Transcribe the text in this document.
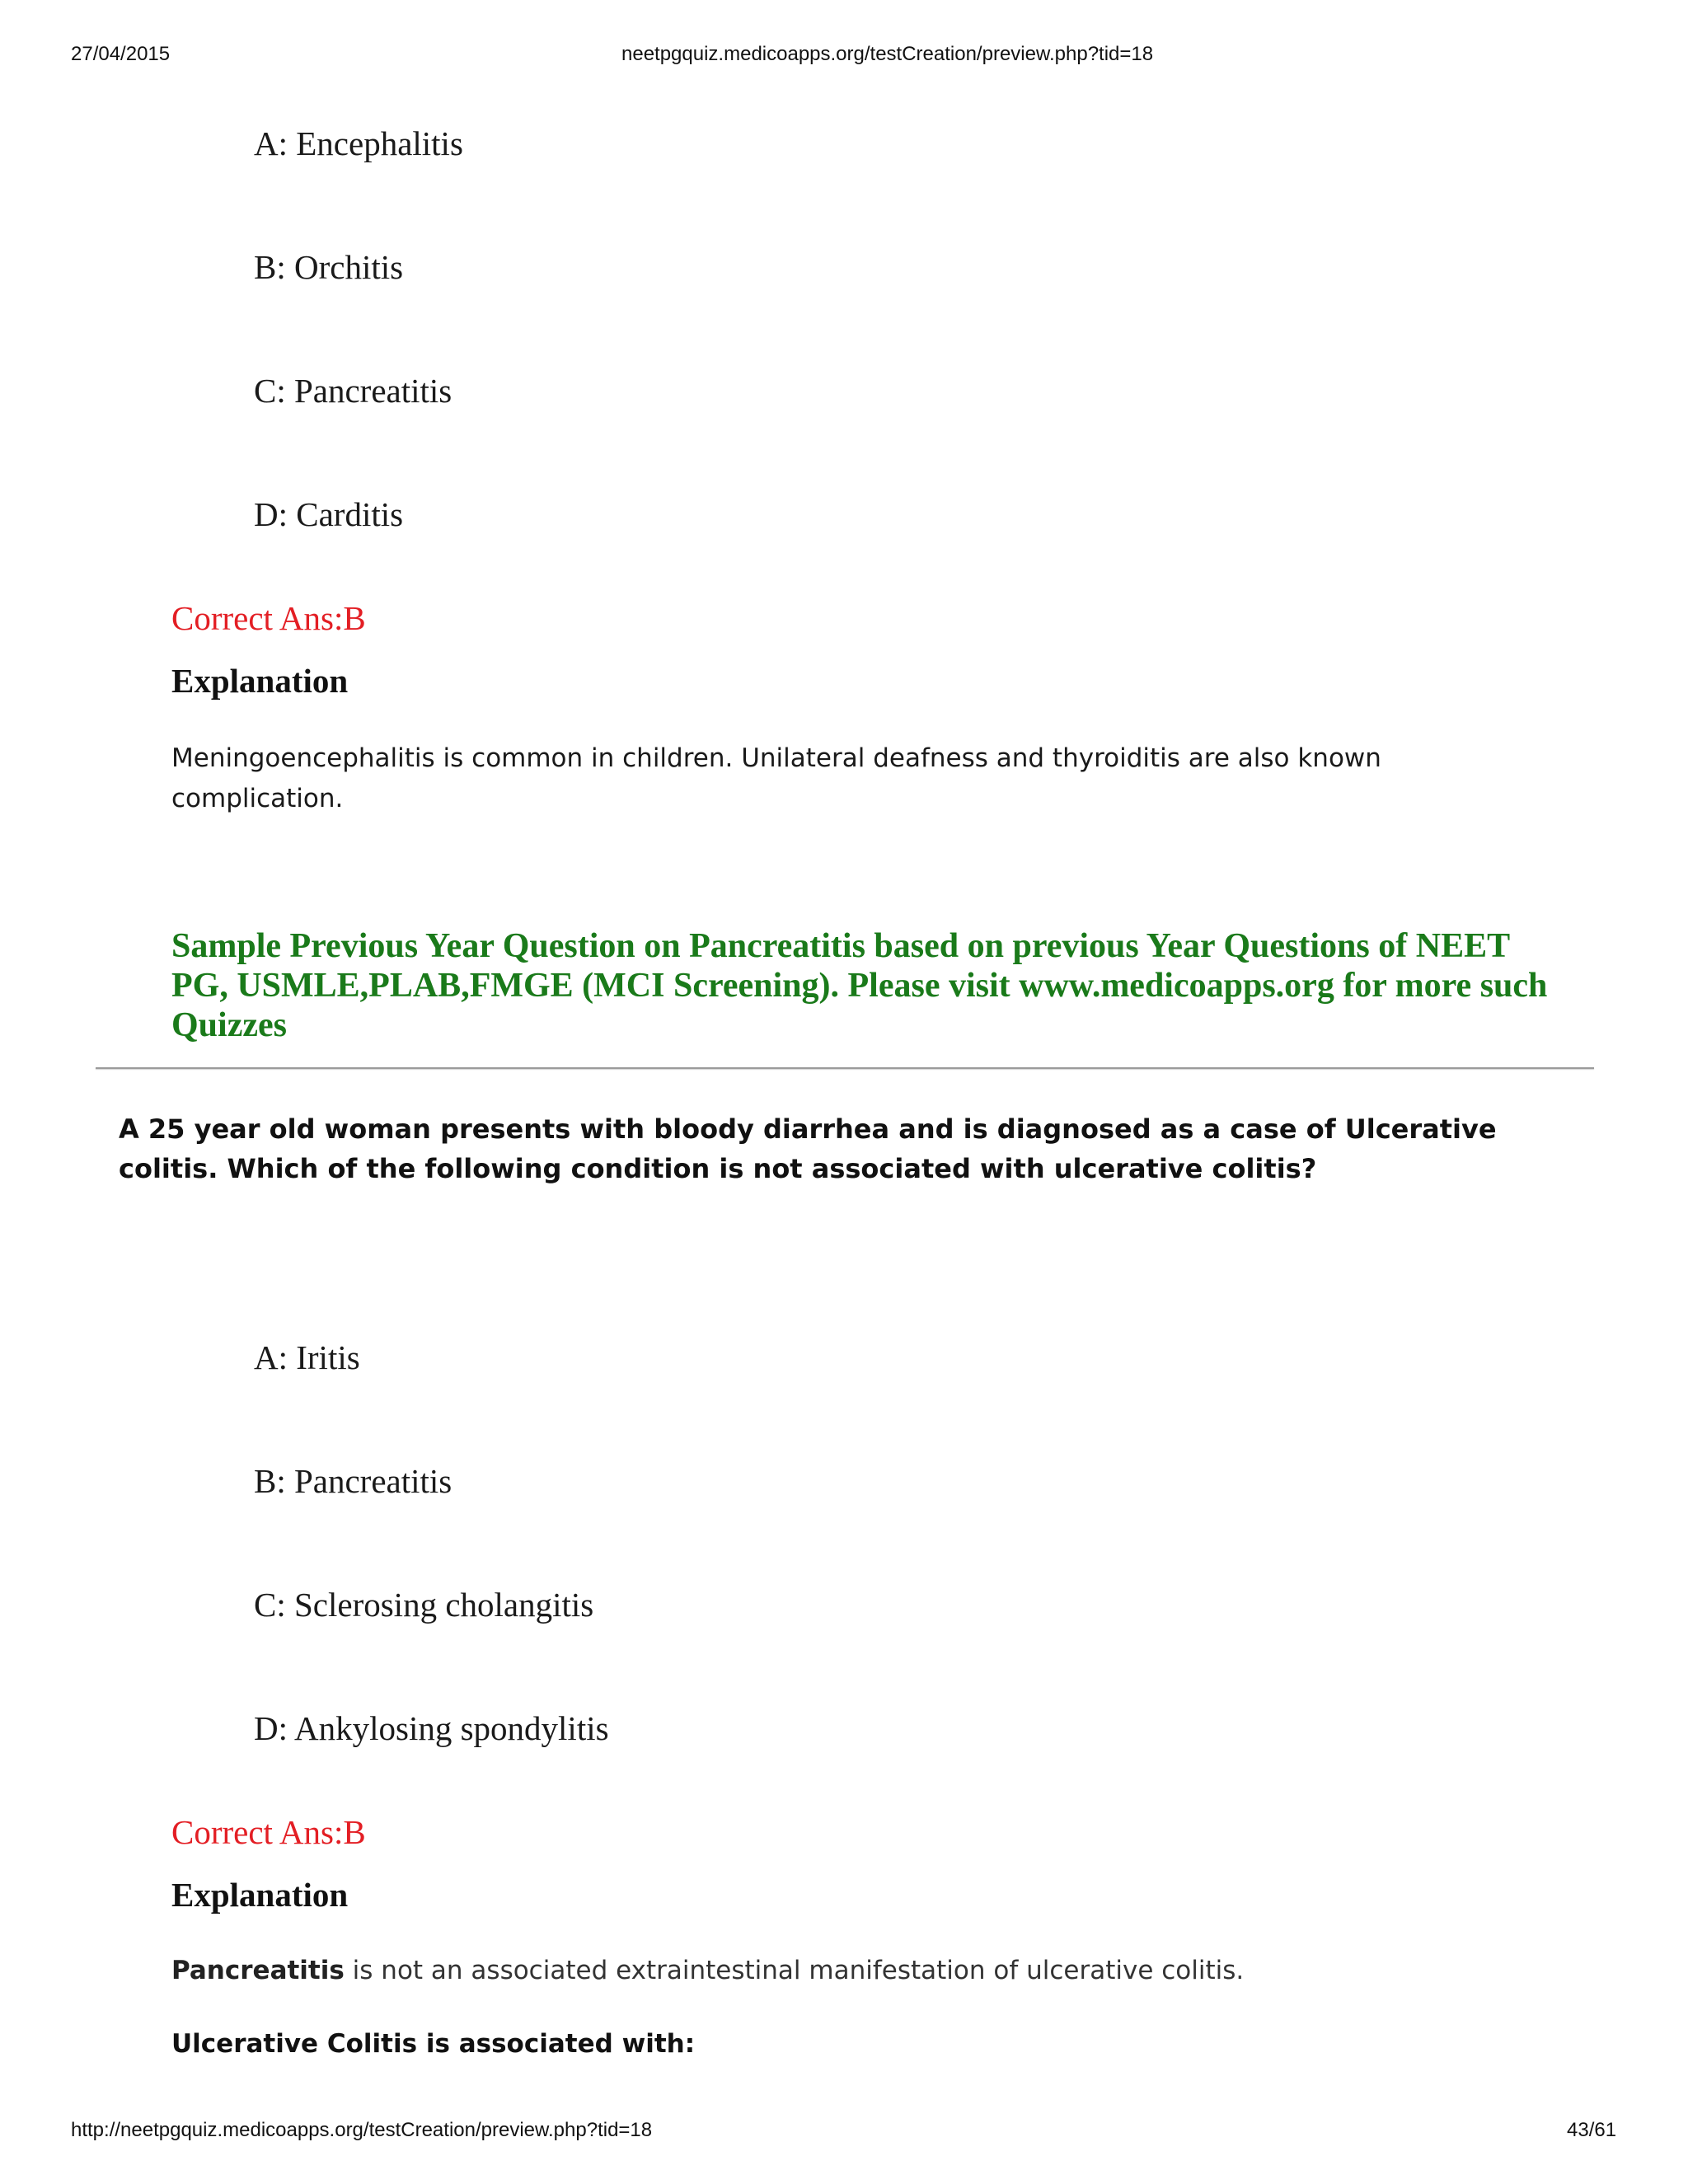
27/04/2015	neetpgquiz.medicoapps.org/testCreation/preview.php?tid=18
A: Encephalitis
B: Orchitis
C: Pancreatitis
D: Carditis
Correct Ans:B
Explanation
Meningoencephalitis is common in children. Unilateral deafness and thyroiditis are also known complication.
Sample Previous Year Question on Pancreatitis based on previous Year Questions of NEET PG, USMLE,PLAB,FMGE (MCI Screening). Please visit www.medicoapps.org for more such Quizzes
A 25 year old woman presents with bloody diarrhea and is diagnosed as a case of Ulcerative colitis. Which of the following condition is not associated with ulcerative colitis?
A: Iritis
B: Pancreatitis
C: Sclerosing cholangitis
D: Ankylosing spondylitis
Correct Ans:B
Explanation
Pancreatitis is not an associated extraintestinal manifestation of ulcerative colitis.
Ulcerative Colitis is associated with:
http://neetpgquiz.medicoapps.org/testCreation/preview.php?tid=18	43/61
